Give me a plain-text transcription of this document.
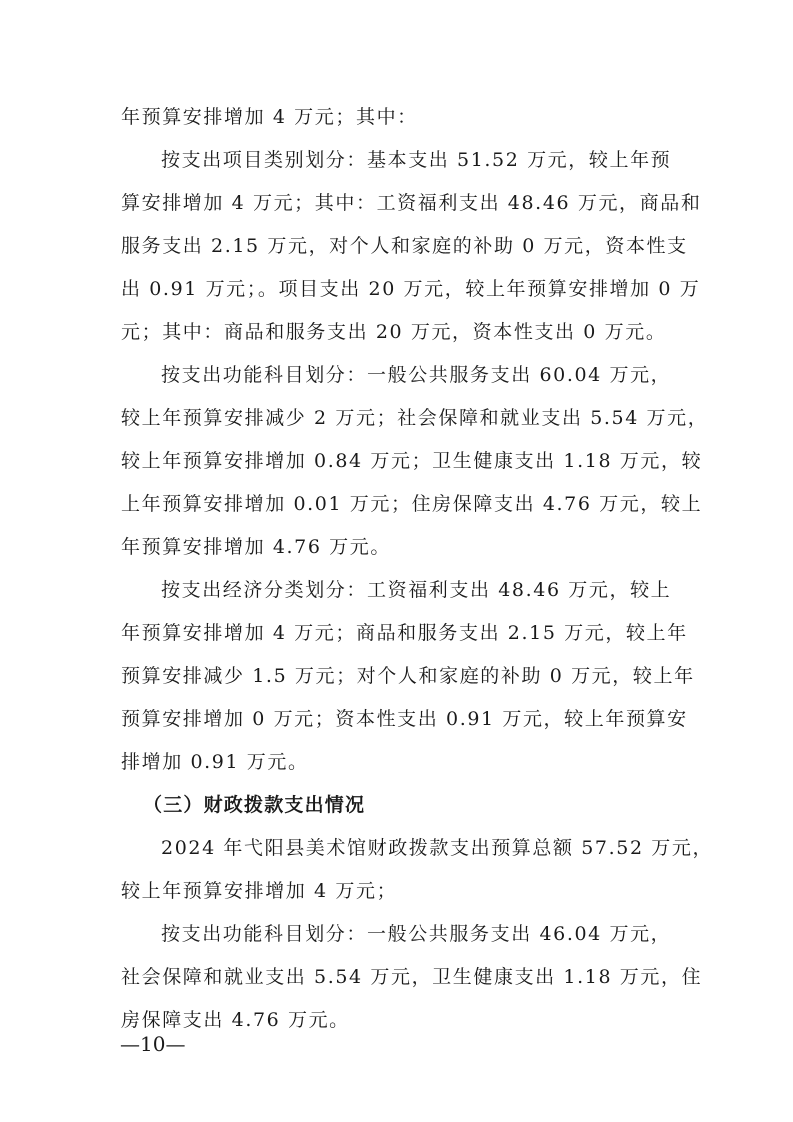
年预算安排增加 4 万元；其中：
按支出项目类别划分：基本支出 51.52 万元，较上年预
算安排增加 4 万元；其中：工资福利支出 48.46 万元，商品和
服务支出 2.15 万元，对个人和家庭的补助 0 万元，资本性支
出 0.91 万元；。项目支出 20 万元，较上年预算安排增加 0 万
元；其中：商品和服务支出 20 万元，资本性支出 0 万元。
按支出功能科目划分：一般公共服务支出 60.04 万元，
较上年预算安排减少 2 万元；社会保障和就业支出 5.54 万元，
较上年预算安排增加 0.84 万元；卫生健康支出 1.18 万元，较
上年预算安排增加 0.01 万元；住房保障支出 4.76 万元，较上
年预算安排增加 4.76 万元。
按支出经济分类划分：工资福利支出 48.46 万元，较上
年预算安排增加 4 万元；商品和服务支出 2.15 万元，较上年
预算安排减少 1.5 万元；对个人和家庭的补助 0 万元，较上年
预算安排增加 0 万元；资本性支出 0.91 万元，较上年预算安
排增加 0.91 万元。
（三）财政拨款支出情况
2024 年弋阳县美术馆财政拨款支出预算总额 57.52 万元，
较上年预算安排增加 4 万元；
按支出功能科目划分：一般公共服务支出 46.04 万元，
社会保障和就业支出 5.54 万元，卫生健康支出 1.18 万元，住
房保障支出 4.76 万元。
—10—
